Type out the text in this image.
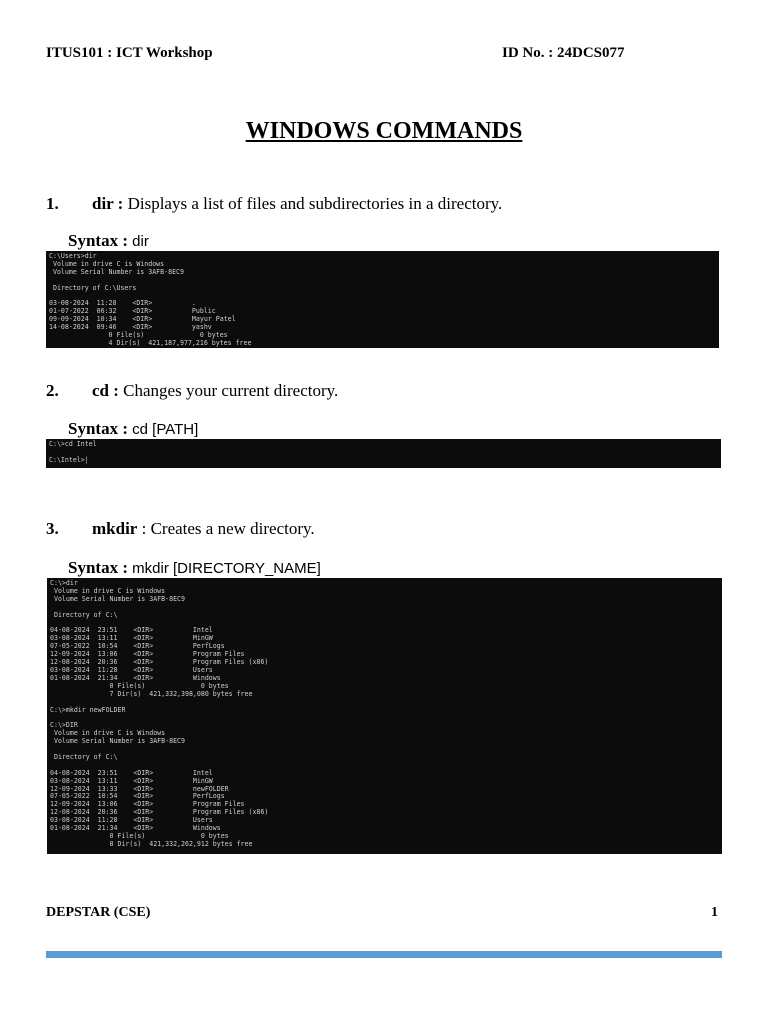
ITUS101 : ICT Workshop	ID No. : 24DCS077
WINDOWS COMMANDS
1. dir : Displays a list of files and subdirectories in a directory.
Syntax : dir
C:\Users>dir
Volume in drive C is Windows
Volume Serial Number is 3AFB-8EC9

Directory of C:\Users

03-08-2024  11:28    <DIR>          .
01-07-2022  06:32    <DIR>          Public
09-09-2024  10:34    <DIR>          Mayur Patel
14-08-2024  09:46    <DIR>          yashv
0 File(s)              0 bytes
4 Dir(s)  421,187,977,216 bytes free
2. cd : Changes your current directory.
Syntax : cd [PATH]
C:\>cd Intel

C:\Intel>|
3. mkdir : Creates a new directory.
Syntax : mkdir [DIRECTORY_NAME]
C:\>dir
Volume in drive C is Windows
Volume Serial Number is 3AFB-8EC9

Directory of C:\

04-08-2024  23:51    <DIR>          Intel
03-08-2024  13:11    <DIR>          MinGW
07-05-2022  10:54    <DIR>          PerfLogs
12-09-2024  13:06    <DIR>          Program Files
12-08-2024  20:36    <DIR>          Program Files (x86)
03-08-2024  11:28    <DIR>          Users
01-08-2024  21:34    <DIR>          Windows
0 File(s)              0 bytes
7 Dir(s)  421,332,398,080 bytes free

C:\>mkdir newFOLDER

C:\>DIR
Volume in drive C is Windows
Volume Serial Number is 3AFB-8EC9

Directory of C:\

04-08-2024  23:51    <DIR>          Intel
03-08-2024  13:11    <DIR>          MinGW
12-09-2024  13:33    <DIR>          newFOLDER
07-05-2022  10:54    <DIR>          PerfLogs
12-09-2024  13:06    <DIR>          Program Files
12-08-2024  20:36    <DIR>          Program Files (x86)
03-08-2024  11:28    <DIR>          Users
01-08-2024  21:34    <DIR>          Windows
0 File(s)              0 bytes
8 Dir(s)  421,332,262,912 bytes free
DEPSTAR (CSE)	1
